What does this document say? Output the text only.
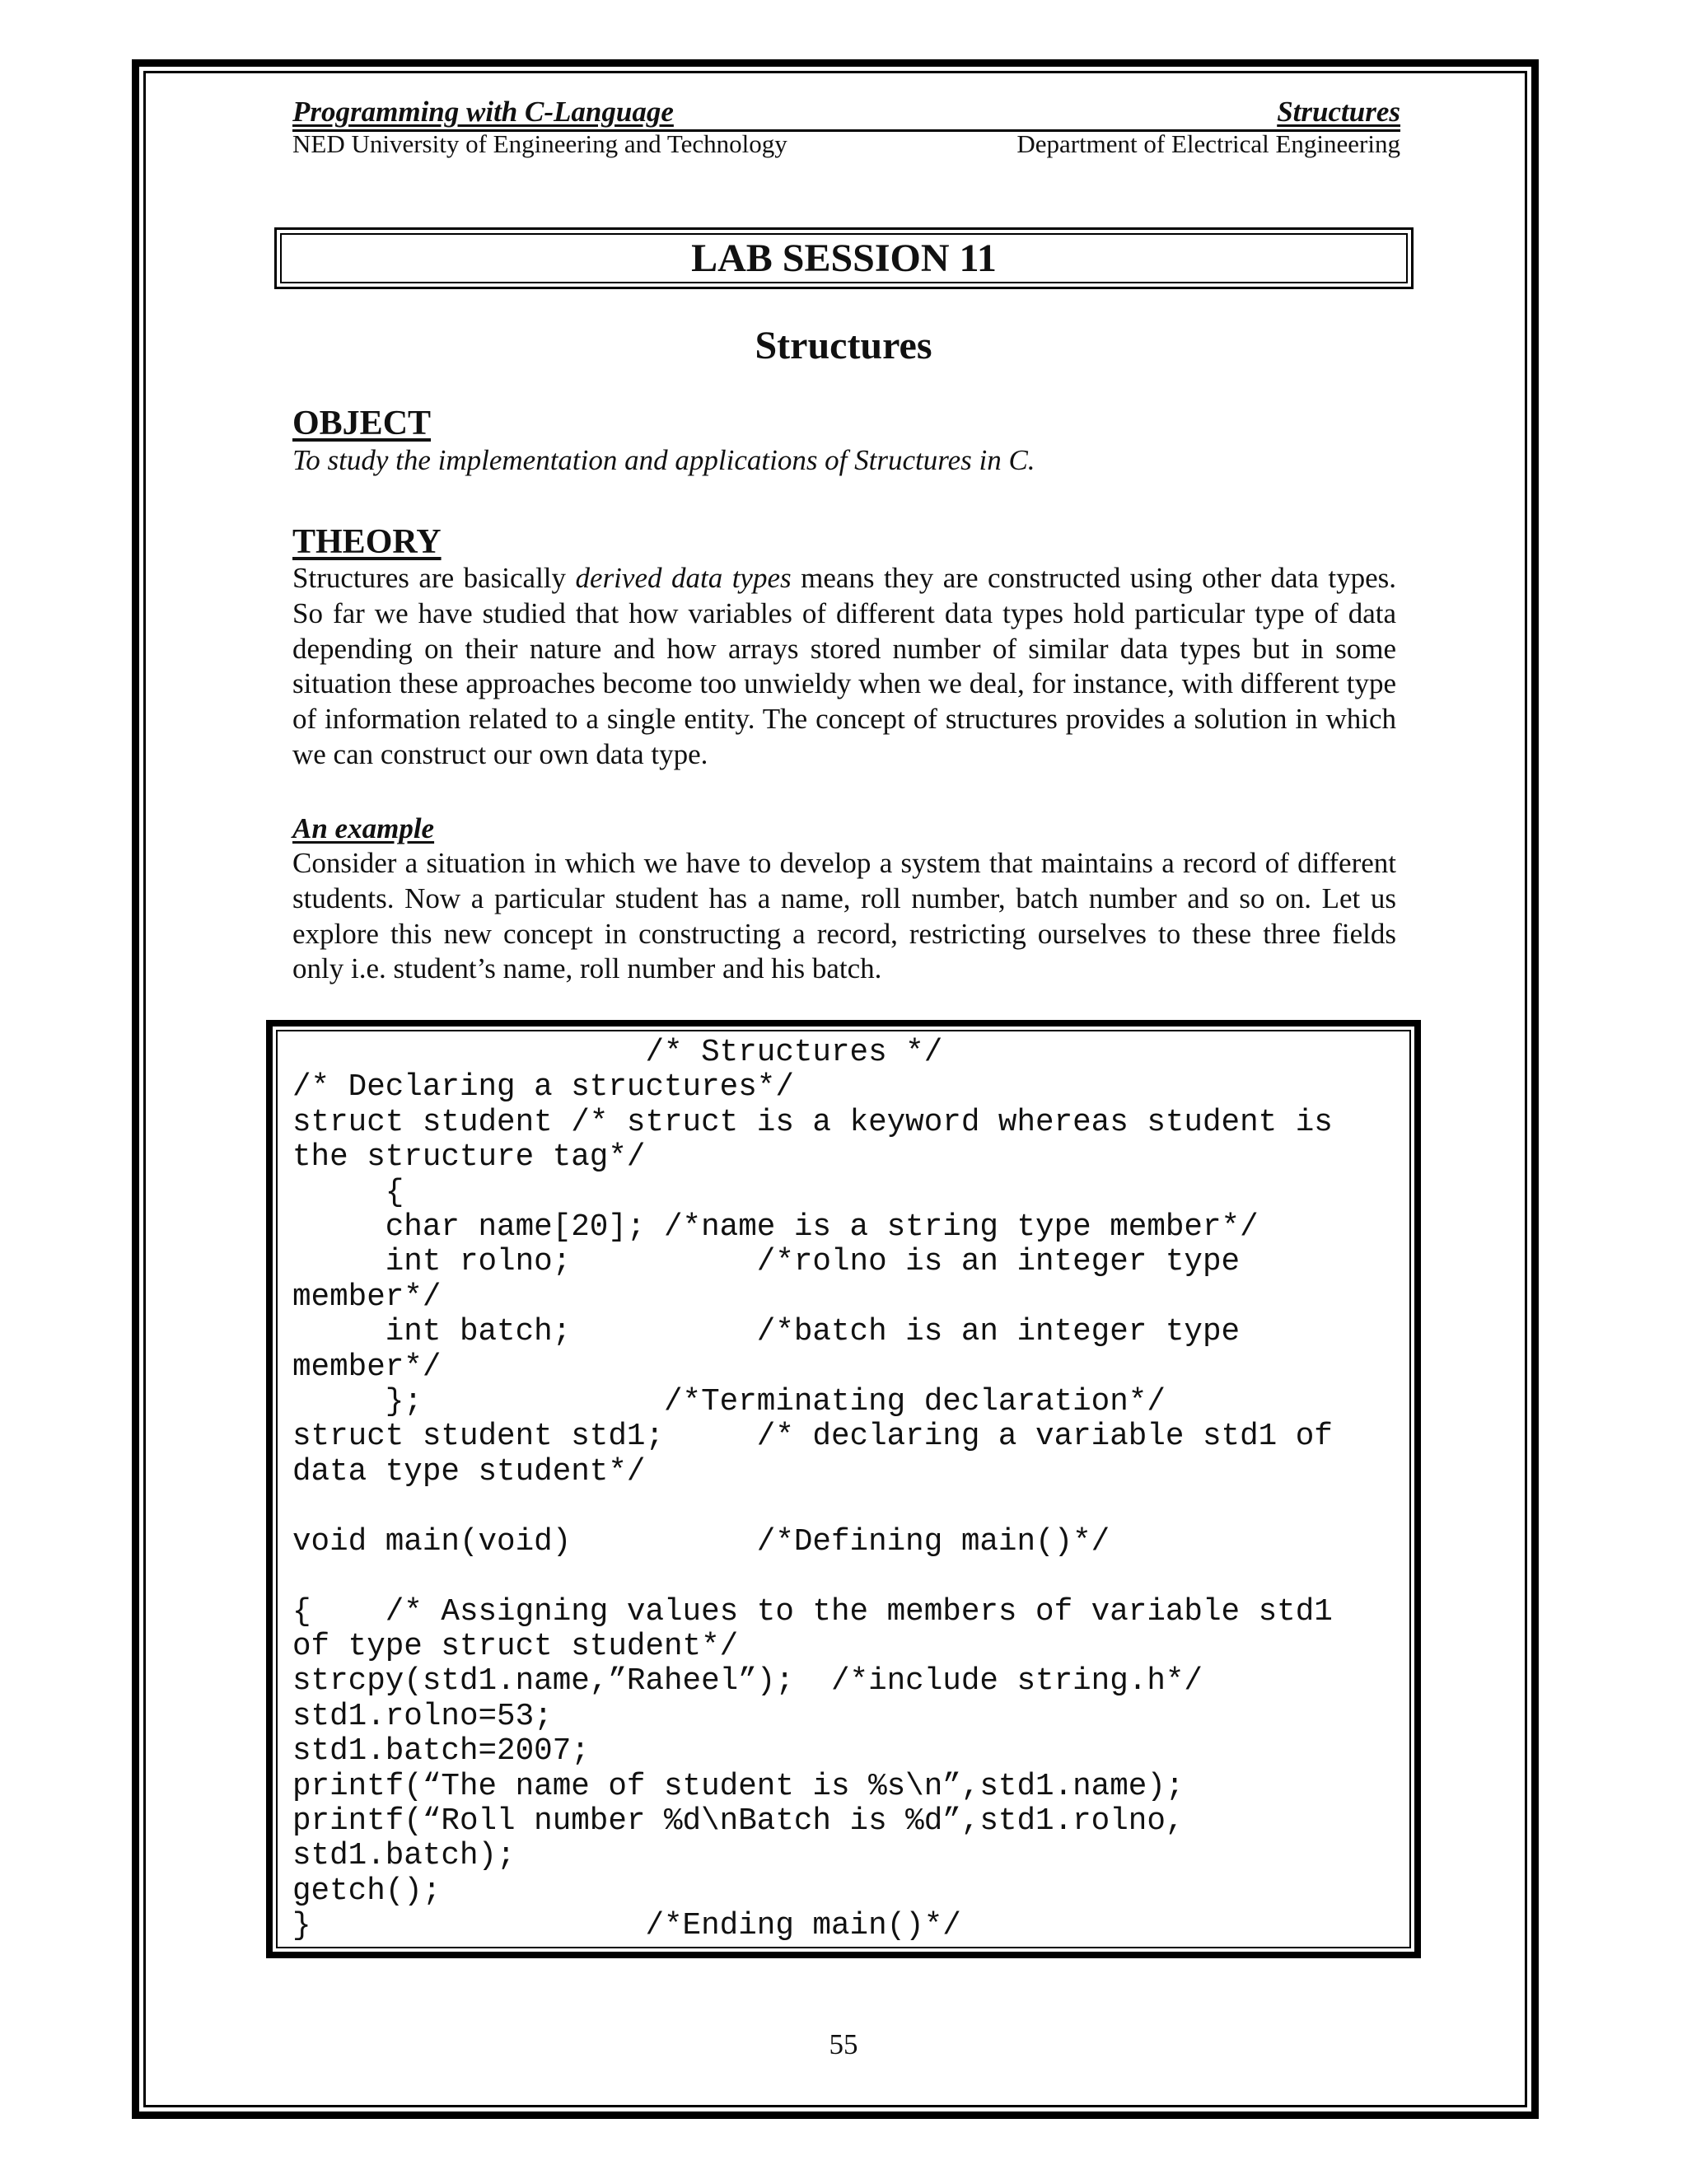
Programming with C-Language	Structures
NED University of Engineering and Technology	Department of Electrical Engineering
LAB SESSION 11
Structures
OBJECT
To study the implementation and applications of Structures in C.
THEORY

Structures are basically derived data types means they are constructed using other data types. So far we have studied that how variables of different data types hold particular type of data depending on their nature and how arrays stored number of similar data types but in some situation these approaches become too unwieldy when we deal, for instance, with different type of information related to a single entity. The concept of structures provides a solution in which we can construct our own data type.

An example

Consider a situation in which we have to develop a system that maintains a record of different students. Now a particular student has a name, roll number, batch number and so on. Let us explore this new concept in constructing a record, restricting ourselves to these three fields only i.e. student’s name, roll number and his batch.

/* Structures */
/* Declaring a structures*/
struct student /* struct is a keyword whereas student is
the structure tag*/
{
char name[20]; /*name is a string type member*/
int rolno;          /*rolno is an integer type
member*/
int batch;          /*batch is an integer type
member*/
};             /*Terminating declaration*/
struct student std1;     /* declaring a variable std1 of
data type student*/

void main(void)          /*Defining main()*/

{    /* Assigning values to the members of variable std1
of type struct student*/
strcpy(std1.name,”Raheel”);  /*include string.h*/
std1.rolno=53;
std1.batch=2007;
printf(“The name of student is %s\n”,std1.name);
printf(“Roll number %d\nBatch is %d”,std1.rolno,
std1.batch);
getch();
}                  /*Ending main()*/
55
